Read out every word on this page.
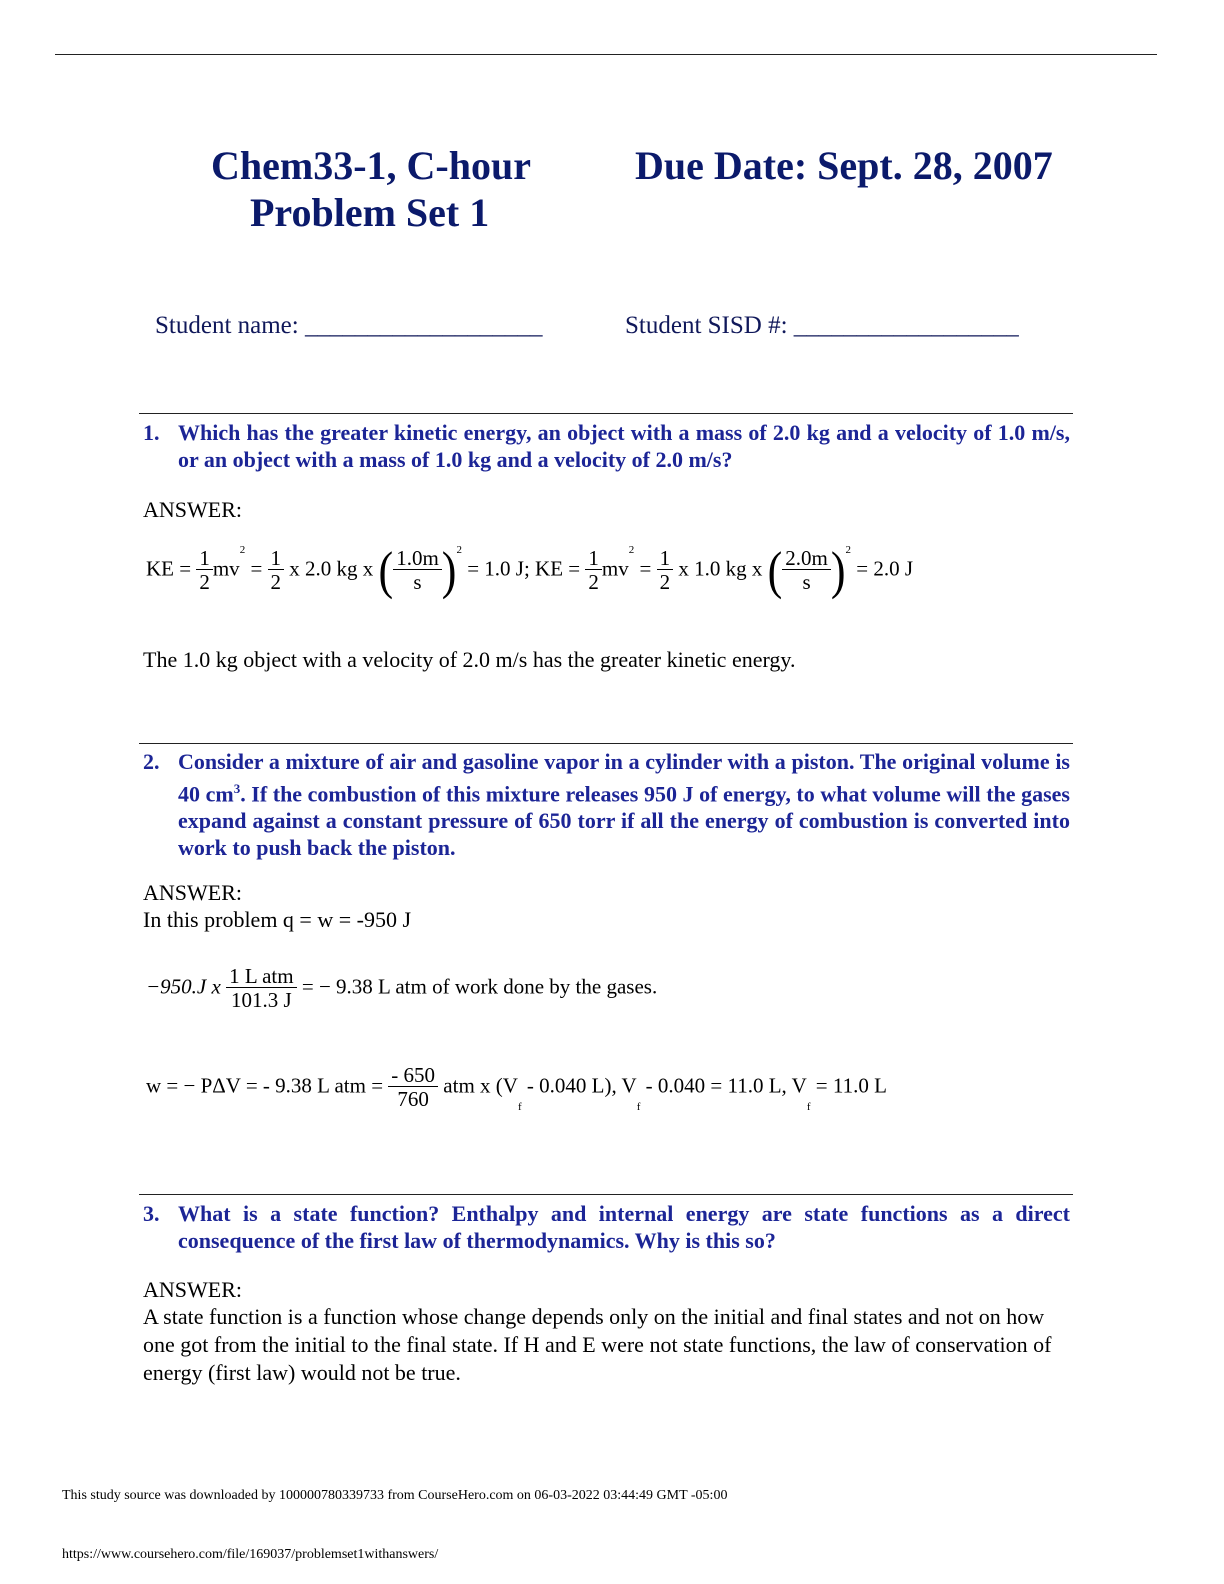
Chem33-1, C-hour
Problem Set 1
Due Date: Sept. 28, 2007
Student name: ___________________	Student SISD #: __________________
1. Which has the greater kinetic energy, an object with a mass of 2.0 kg and a velocity of 1.0 m/s, or an object with a mass of 1.0 kg and a velocity of 2.0 m/s?
ANSWER:
KE = $\frac{1}{2} mv^2 = \frac{1}{2}$ x 2.0 kg x ( $\frac{1.0m}{s} )^2 = 1.0$ J; KE = $\frac{1}{2} mv^2 = \frac{1}{2}$ x 1.0 kg x ( $\frac{2.0m}{s} )^2 = 2.0$ J
The 1.0 kg object with a velocity of 2.0 m/s has the greater kinetic energy.
2. Consider a mixture of air and gasoline vapor in a cylinder with a piston. The original volume is 40 $cm^3$. If the combustion of this mixture releases 950 J of energy, to what volume will the gases expand against a constant pressure of 650 torr if all the energy of combustion is converted into work to push back the piston.
ANSWER:
In this problem q = w = -950 J
−950.J x $\frac{\text{1 L atm}}{101.3 J}$ = − 9.38 L atm of work done by the gases.
w = − PΔV = - 9.38 L atm = $\frac{- 650}{760}$ atm x ($V_f - 0.040$ L), $V_f - 0.040 = 11.0$ L, $V_f = 11.0$ L
3. What is a state function? Enthalpy and internal energy are state functions as a direct consequence of the first law of thermodynamics. Why is this so?
ANSWER:
A state function is a function whose change depends only on the initial and final states and not on how one got from the initial to the final state. If H and E were not state functions, the law of conservation of energy (first law) would not be true.
This study source was downloaded by 100000780339733 from CourseHero.com on 06-03-2022 03:44:49 GMT -05:00
https://www.coursehero.com/file/169037/problemset1withanswers/
